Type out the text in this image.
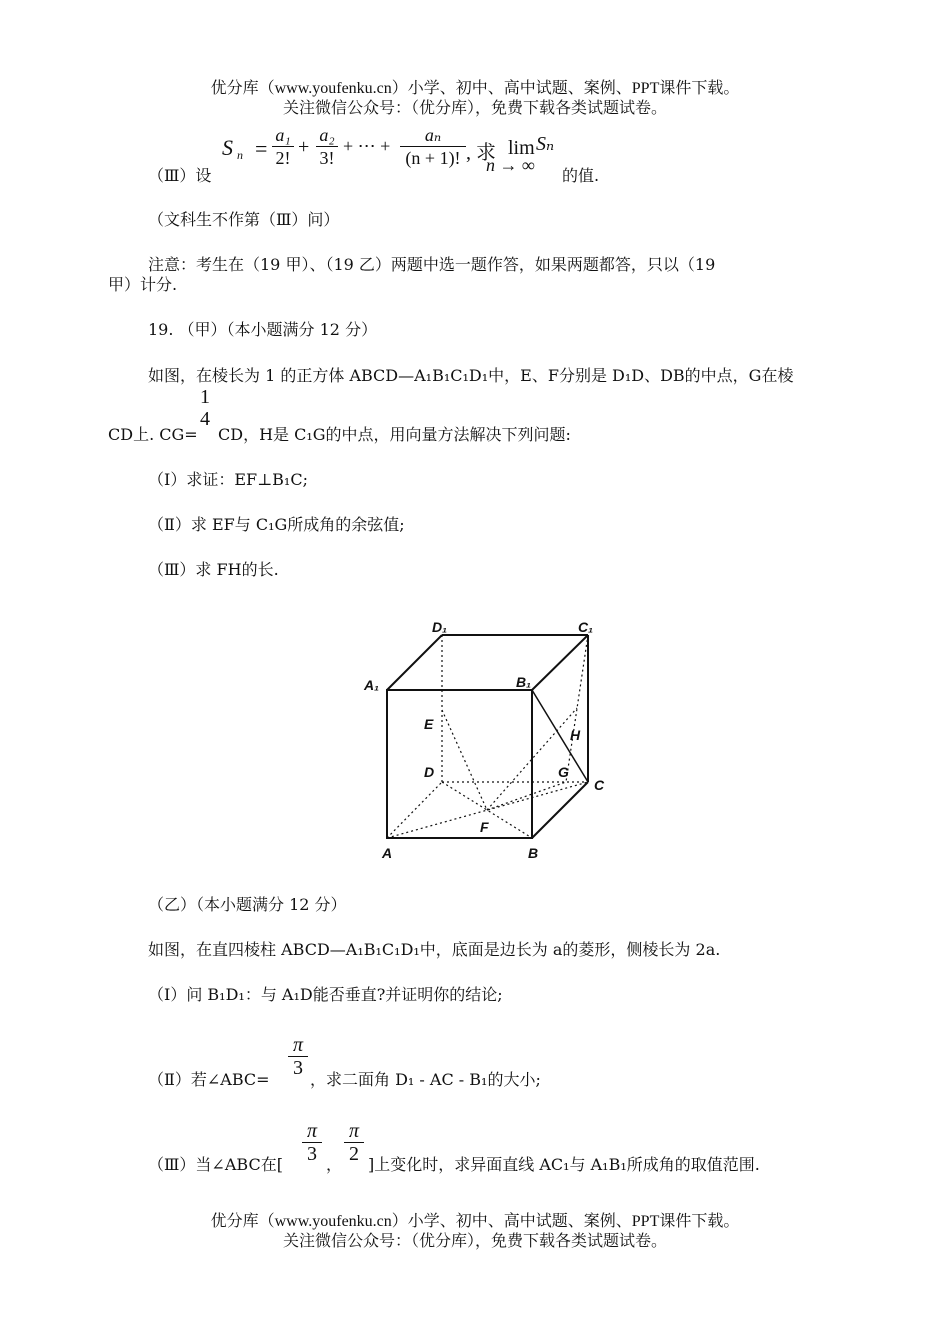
优分库（www.youfenku.cn）小学、初中、高中试题、案例、PPT课件下载。
关注微信公众号：（优分库），免费下载各类试题试卷。
（Ⅲ）设
S n =
a₁
2! +
a₂
3!
+ ⋯ +
aₙ
(n + 1)! , 求 lim Sₙ
n → ∞
的值.
（文科生不作第（Ⅲ）问）
注意：考生在（19 甲）、（19 乙）两题中选一题作答，如果两题都答，只以（19
甲）计分.
19. （甲）（本小题满分 12 分）
如图，在棱长为 1 的正方体 ABCD—A₁B₁C₁D₁中，E、F分别是 D₁D、DB的中点，G在棱
1
4
CD上. CG= CD，H是 C₁G的中点，用向量方法解决下列问题:
（Ⅰ）求证：EF⊥B₁C;
（Ⅱ）求 EF与 C₁G所成角的余弦值;
（Ⅲ）求 FH的长.
D₁	C₁
A₁	B₁
E
H
D	G
C
F
A	B
（乙）（本小题满分 12 分）
如图，在直四棱柱 ABCD—A₁B₁C₁D₁中，底面是边长为 a的菱形，侧棱长为 2a.
（Ⅰ）问 B₁D₁：与 A₁D能否垂直?并证明你的结论;
π
3
（Ⅱ）若∠ABC=	，求二面角 D₁ - AC - B₁的大小;
π
3
π
2
（Ⅲ）当∠ABC在[	， ]上变化时，求异面直线 AC₁与 A₁B₁所成角的取值范围.
优分库（www.youfenku.cn）小学、初中、高中试题、案例、PPT课件下载。
关注微信公众号：（优分库），免费下载各类试题试卷。
